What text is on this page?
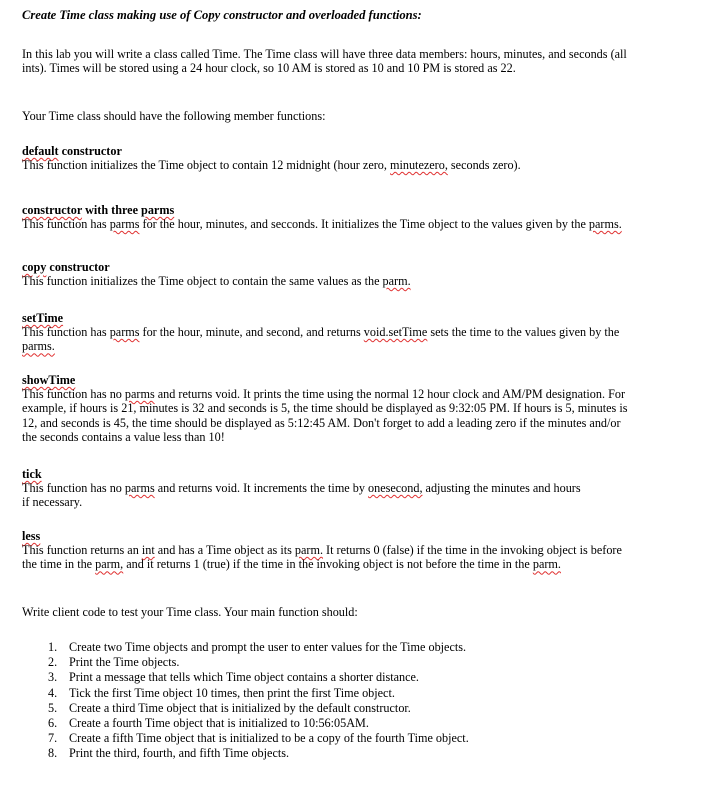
Create Time class making use of Copy constructor and overloaded functions:

In this lab you will write a class called Time. The Time class will have three data members: hours, minutes, and seconds (all ints). Times will be stored using a 24 hour clock, so 10 AM is stored as 10 and 10 PM is stored as 22.

Your Time class should have the following member functions:

default constructor

This function initializes the Time object to contain 12 midnight (hour zero, minutezero, seconds zero).

constructor with three parms

This function has parms for the hour, minutes, and secconds. It initializes the Time object to the values given by the parms.

copy constructor

This function initializes the Time object to contain the same values as the parm.

setTime

This function has parms for the hour, minute, and second, and returns void.setTime sets the time to the values given by the parms.

showTime

This function has no parms and returns void. It prints the time using the normal 12 hour clock and AM/PM designation. For example, if hours is 21, minutes is 32 and seconds is 5, the time should be displayed as 9:32:05 PM. If hours is 5, minutes is 12, and seconds is 45, the time should be displayed as 5:12:45 AM. Don't forget to add a leading zero if the minutes and/or the seconds contains a value less than 10!

tick

This function has no parms and returns void. It increments the time by onesecond, adjusting the minutes and hours if necessary.

less

This function returns an int and has a Time object as its parm. It returns 0 (false) if the time in the invoking object is before the time in the parm, and it returns 1 (true) if the time in the invoking object is not before the time in the parm.

Write client code to test your Time class. Your main function should:

1. Create two Time objects and prompt the user to enter values for the Time objects.
2. Print the Time objects.
3. Print a message that tells which Time object contains a shorter distance.
4. Tick the first Time object 10 times, then print the first Time object.
5. Create a third Time object that is initialized by the default constructor.
6. Create a fourth Time object that is initialized to 10:56:05AM.
7. Create a fifth Time object that is initialized to be a copy of the fourth Time object.
8. Print the third, fourth, and fifth Time objects.
